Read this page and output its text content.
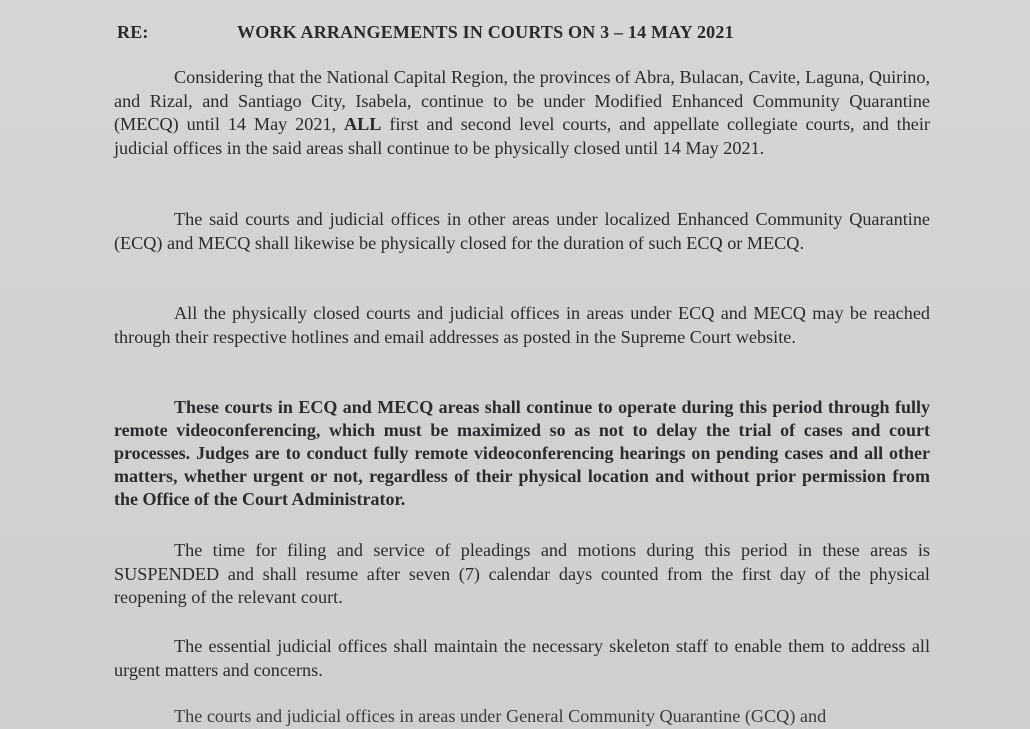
RE:	WORK ARRANGEMENTS IN COURTS ON 3 – 14 MAY 2021

Considering that the National Capital Region, the provinces of Abra, Bulacan, Cavite, Laguna, Quirino, and Rizal, and Santiago City, Isabela, continue to be under Modified Enhanced Community Quarantine (MECQ) until 14 May 2021, ALL first and second level courts, and appellate collegiate courts, and their judicial offices in the said areas shall continue to be physically closed until 14 May 2021.

The said courts and judicial offices in other areas under localized Enhanced Community Quarantine (ECQ) and MECQ shall likewise be physically closed for the duration of such ECQ or MECQ.

All the physically closed courts and judicial offices in areas under ECQ and MECQ may be reached through their respective hotlines and email addresses as posted in the Supreme Court website.

These courts in ECQ and MECQ areas shall continue to operate during this period through fully remote videoconferencing, which must be maximized so as not to delay the trial of cases and court processes. Judges are to conduct fully remote videoconferencing hearings on pending cases and all other matters, whether urgent or not, regardless of their physical location and without prior permission from the Office of the Court Administrator.

The time for filing and service of pleadings and motions during this period in these areas is SUSPENDED and shall resume after seven (7) calendar days counted from the first day of the physical reopening of the relevant court.

The essential judicial offices shall maintain the necessary skeleton staff to enable them to address all urgent matters and concerns.

The courts and judicial offices in areas under General Community Quarantine (GCQ) and
